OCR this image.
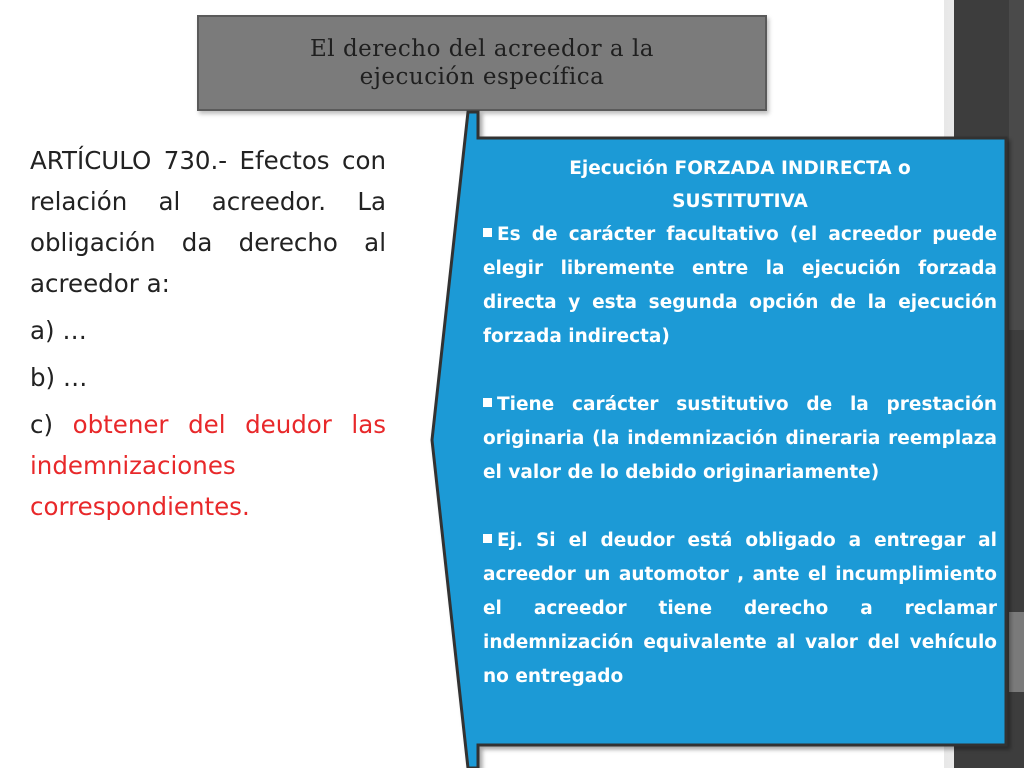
El derecho del acreedor a la
ejecución específica

ARTÍCULO 730.- Efectos con relación al acreedor. La obligación da derecho al acreedor a:

a) …

b) …

c) obtener del deudor las indemnizaciones correspondientes.

Ejecución FORZADA INDIRECTA o
SUSTITUTIVA

Es de carácter facultativo (el acreedor puede elegir libremente entre la ejecución forzada directa y esta segunda opción de la ejecución forzada indirecta)

Tiene carácter sustitutivo de la prestación originaria (la indemnización dineraria reemplaza el valor de lo debido originariamente)

Ej. Si el deudor está obligado a entregar al acreedor un automotor , ante el incumplimiento el acreedor tiene derecho a reclamar indemnización equivalente al valor del vehículo no entregado
